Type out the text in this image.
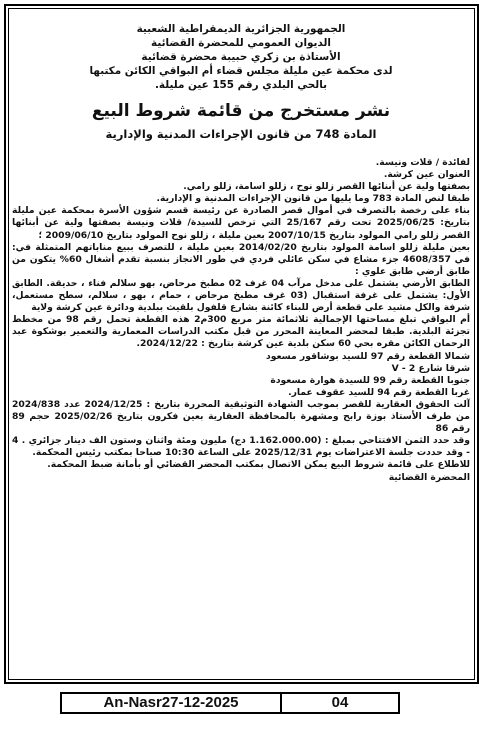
الجمهورية الجزائرية الديمقراطية الشعبية
الديوان العمومي للمحضرة القضائية
الأستاذة بن زكري حبيبة محضرة قضائية
لدى محكمة عين مليلة مجلس قضاء أم البواقي الكائن مكتبها
بالحي البلدي رقم 155 عين مليلة.
نشر مستخرج من قائمة شروط البيع
المادة 748 من قانون الإجراءات المدنية والإدارية

لفائدة / قلات ونيسة.

العنوان عين كرشة.

بصفتها ولية عن أبنائها القصر زللو نوح ، زللو اسامة، زللو رامي.

طبقا لنص المادة 783 وما يليها من قانون الإجراءات المدنية و الإدارية.

بناء على رخصة بالتصرف في أموال قصر الصادرة عن رئيسة قسم شؤون الأسرة بمحكمة عين مليلة بتاريخ: 2025/06/25 تحت رقم 25/167 التي ترخص للسيدة/ قلات ونيسة بصفتها ولية عن أبنائها القصر زللو رامي المولود بتاريخ 2007/10/15 بعين مليلة ، زللو نوح المولود بتاريخ 2009/06/10 ؛

بعين مليلة زللو اسامة المولود بتاريخ 2014/02/20 بعين مليلة ، للتصرف ببيع مناباتهم المتمثلة في: في 4608/357 جزء مشاع في سكن عائلي فردي في طور الانجاز بنسبة تقدم أشغال 60% يتكون من طابق أرضي طابق علوي :

الطابق الأرضي يشتمل على مدخل مرآب 04 غرف 02 مطبخ مرحاض، بهو سلالم فناء ، حديقة. الطابق الأول: يشتمل على غرفة استقبال (03 غرف مطبخ مرحاض ، حمام ، بهو ، سلالم، سطح مستعمل، شرفة والكل مشيد على قطعة أرض للبناء كائنة بشارع قلفول بلقيث ببلدية ودائرة عين كرشة ولاية

أم البواقي تبلغ مساحتها الإجمالية ثلاثمائة متر مربع 300م2 هذه القطعة تحمل رقم 98 من مخطط تجزئة البلدية. طبقا لمحضر المعاينة المحرر من قبل مكتب الدراسات المعمارية والتعمير بوشكوة عبد الرحمان الكائن مقره بحي 60 سكن بلدية عين كرشة بتاريخ : 2024/12/22.

شمالا القطعة رقم 97 للسيد بوشاقور مسعود

شرقا شارع 2 - V

جنوبا القطعة رقم 99 للسيدة هوارة مسعودة

غربا القطعة رقم 94 للسيد عقوف عمار.

آلت الحقوق العقارية للقصر بموجب الشهادة التوثيقية المحررة بتاريخ : 2024/12/25 عدد 2024/838 من طرف الأستاذ بوزة رابح ومشهرة بالمحافظة العقارية بعين فكرون بتاريخ 2025/02/26 حجم 89 رقم 86

وقد حدد الثمن الافتتاحي بمبلغ : (1.162.000.00 دج) مليون ومئة واثنان وستون الف دينار جزائري . 4 - وقد حددت جلسة الاعتراضات يوم 2025/12/31 على الساعة 10:30 صباحا بمكتب رئيس المحكمة.

للاطلاع على قائمة شروط البيع يمكن الاتصال بمكتب المحضر القضائي أو بأمانة ضبط المحكمة.

المحضرة القضائية
An-Nasr27-12-2025	04
